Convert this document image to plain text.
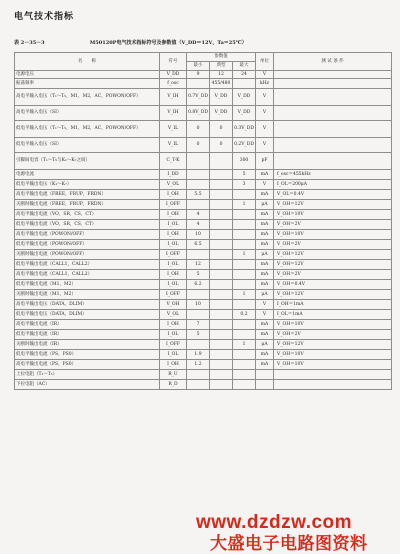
电气技术指标
表 2－35－3	M50120P电气技术指标符号及参数值（V_DD＝12V，Ta＝25℃）
名　　称	符号	参数值			单位	测 试 条 件
		最小	典型	最大		
电源电压	V_DD	9	12	24	V	
振荡频率	f_osc		455/480		kHz	
高电平输入电压（T₁～T₅，M1，M2，AC，POWON/OFF）	V_IH	0.7V_DD	V_DD	V_DD	V	
高电平输入电压（SI）	V_IH	0.8V_DD	V_DD	V_DD	V	
低电平输入电压（T₁～T₅，M1，M2，AC，POWON/OFF）	V_IL	0	0	0.3V_DD	V	
低电平输入电压（SI）	V_IL	0	0	0.2V_DD	V	
引脚间电容（T₁～T₅与K₁～K₇之间）	C_T-K			300	pF	
电源电流	I_DD			5	mA	f_osc＝455kHz
低电平输出电压（K₁～K₇）	V_OL			3	V	I_OL＝200μA
高电平输出电流（FREE，FRUP，FRDN）	I_OH	5.5			mA	V_OL＝0.4V
关断时输出电流（FREE，FRUP，FRDN）	I_OFF			1	μA	V_OH＝12V
高电平输出电流（VO，SR，CS，CT）	I_OH	4			mA	V_OH＝10V
低电平输出电流（VO，SR，CS，CT）	I_OL	4			mA	V_OH＝2V
高电平输出电流（POWON/OFF）	I_OH	10			mA	V_OH＝10V
低电平输出电流（POWON/OFF）	I_OL	6.5			mA	V_OH＝2V
关断时输出电流（POWON/OFF）	I_OFF			1	μA	V_OH＝12V
低电平输出电流（CALL1，CALL2）	I_OL	12			mA	V_OH＝12V
高电平输出电流（CALL1，CALL2）	I_OH	5			mA	V_OH＝2V
低电平输出电流（M1，M2）	I_OL	6.2			mA	V_OH＝0.4V
关断时输出电流（M1，M2）	I_OFF			1	μA	V_OH＝12V
高电平输出电压（DATA，DLIM）	V_OH	10			V	I_OH＝1mA
低电平输出电压（DATA，DLIM）	V_OL			0.2	V	I_OL＝1mA
高电平输出电流（IR）	I_OH	7			mA	V_OH＝10V
低电平输出电流（IR）	I_OL	5			mA	V_OH＝2V
关断时输出电流（IR）	I_OFF			1	μA	V_OH＝12V
低电平输出电流（PS，PS0）	I_OL	1.9			mA	V_OH＝10V
高电平输出电流（PS，PS0）	I_OH	1.2			mA	V_OH＝10V
上拉电阻（T₁～T₅）	R_U					
下拉电阻（AC）	R_D					
www.dzdzw.com
大盛电子电路图资料
